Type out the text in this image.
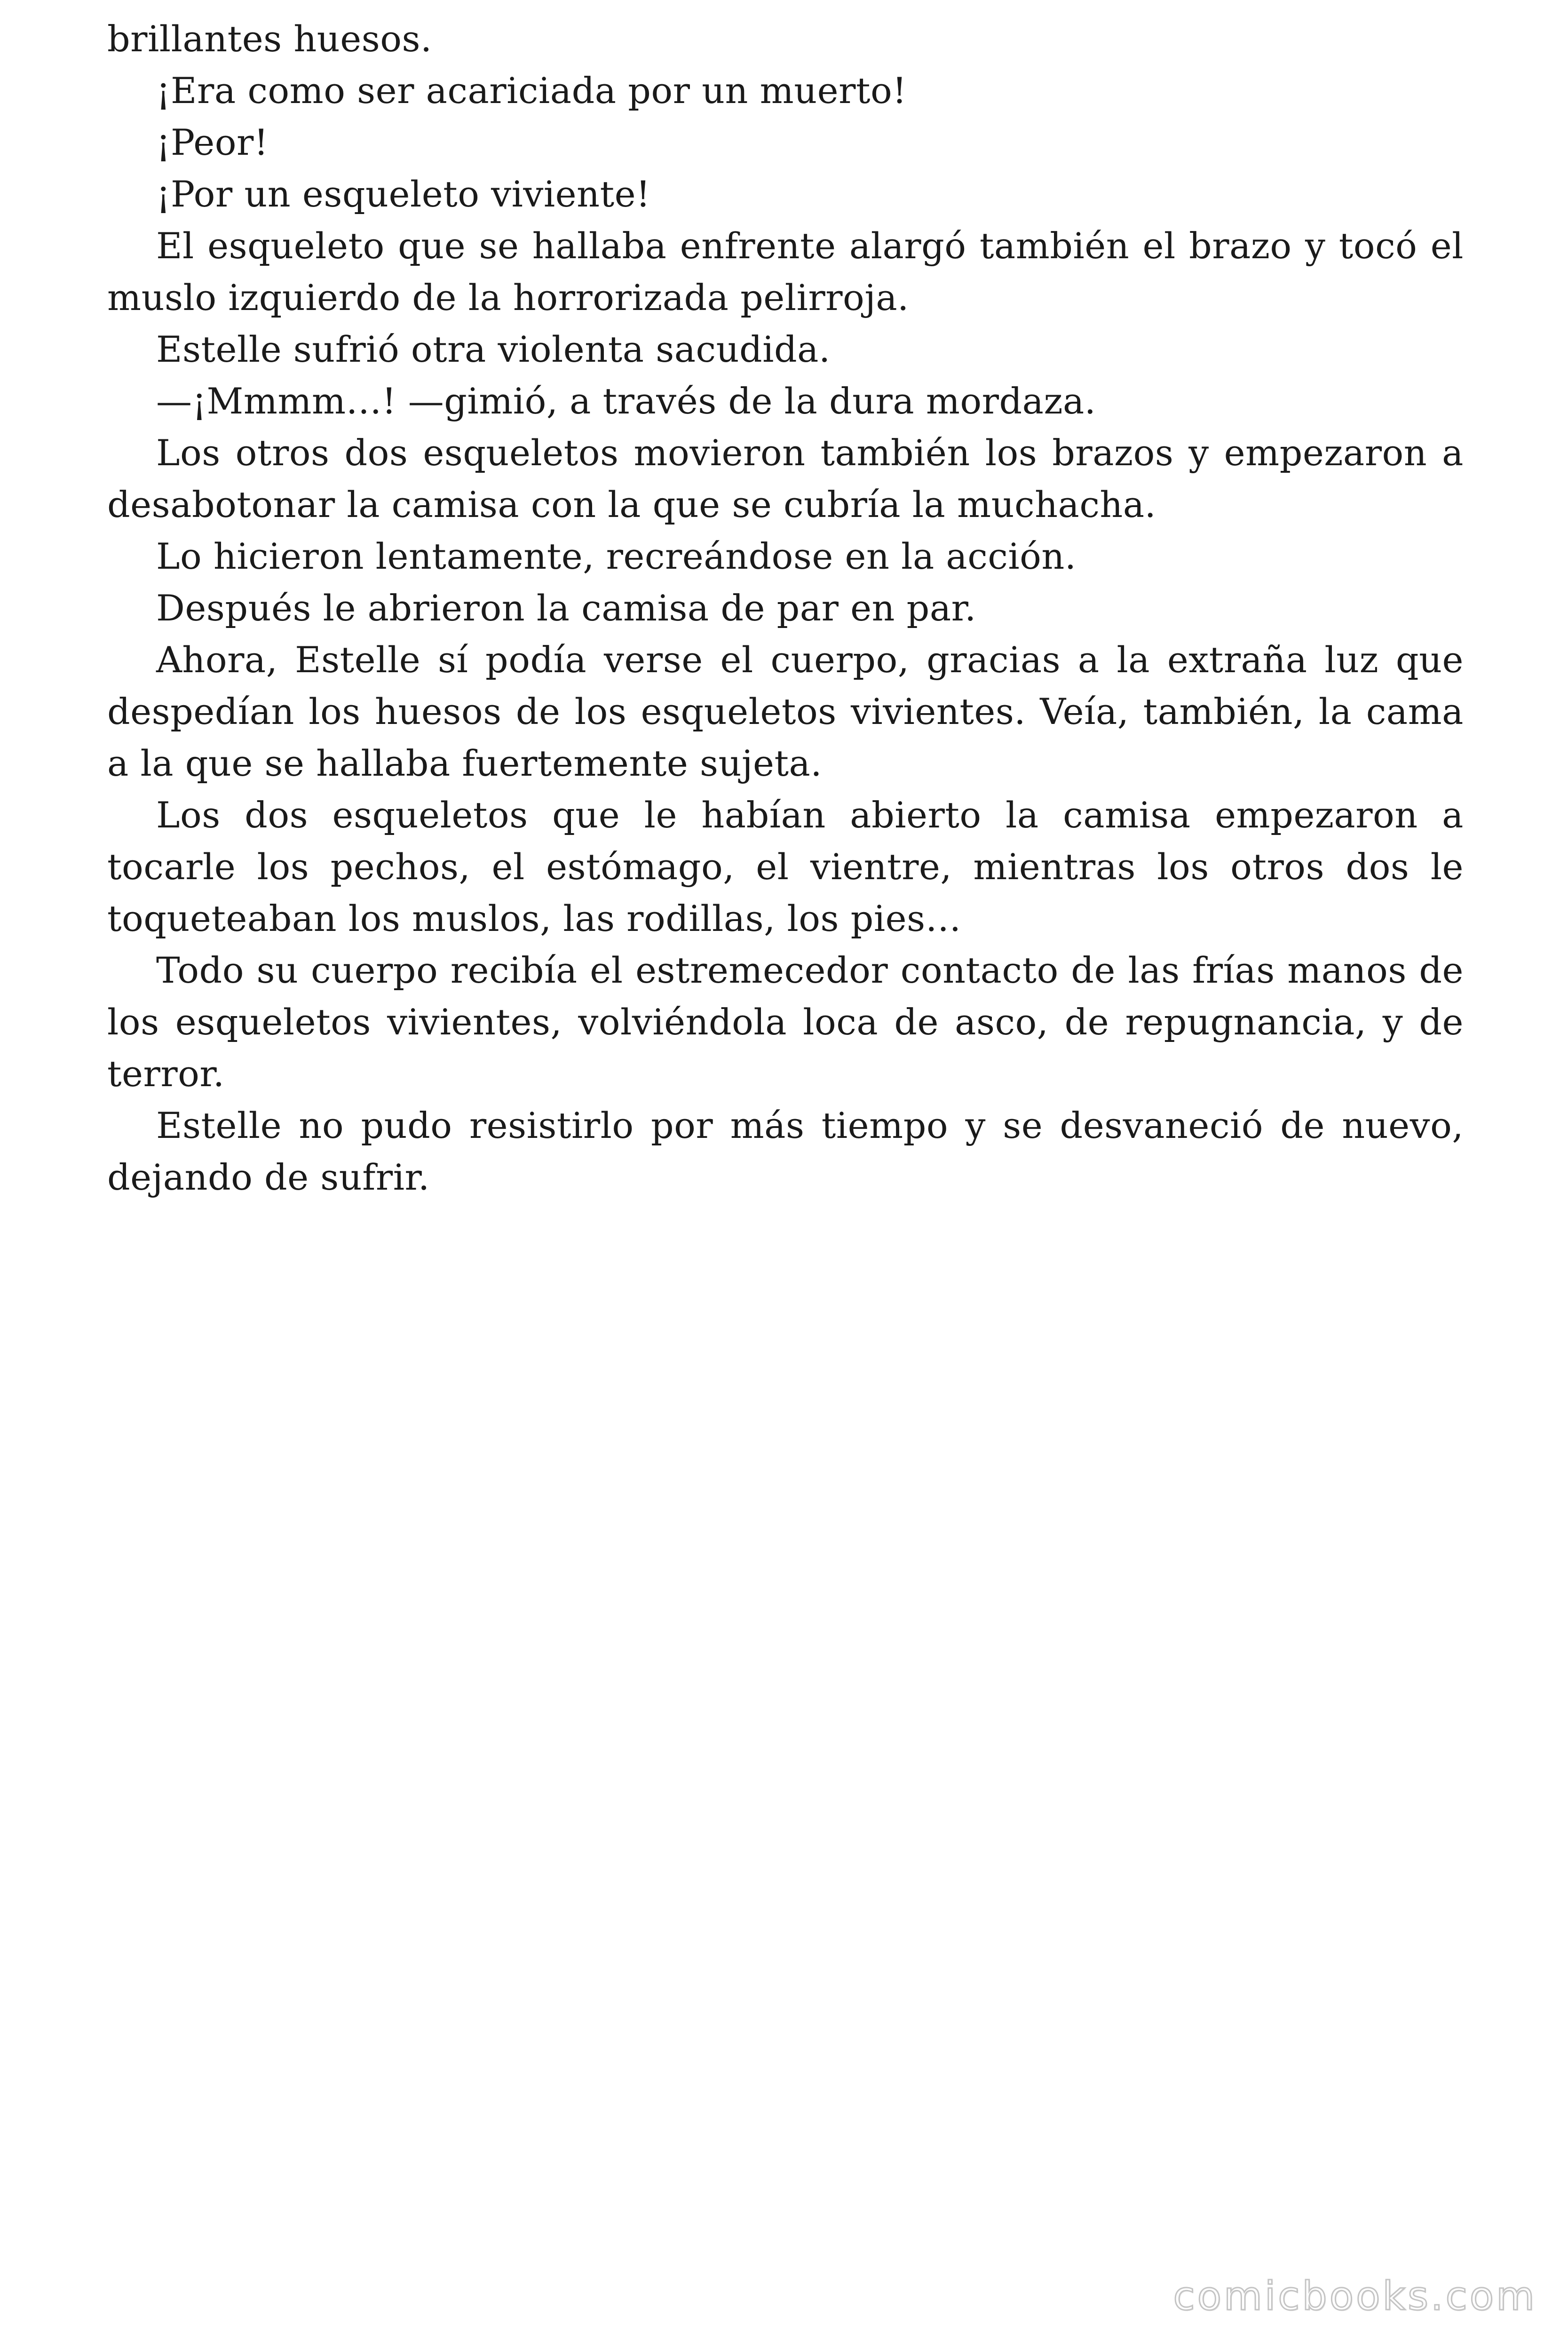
brillantes huesos.

¡Era como ser acariciada por un muerto!

¡Peor!

¡Por un esqueleto viviente!

El esqueleto que se hallaba enfrente alargó también el brazo y tocó el muslo izquierdo de la horrorizada pelirroja.

Estelle sufrió otra violenta sacudida.

—¡Mmmm…! —gimió, a través de la dura mordaza.

Los otros dos esqueletos movieron también los brazos y empezaron a desabotonar la camisa con la que se cubría la muchacha.

Lo hicieron lentamente, recreándose en la acción.

Después le abrieron la camisa de par en par.

Ahora, Estelle sí podía verse el cuerpo, gracias a la extraña luz que despedían los huesos de los esqueletos vivientes. Veía, también, la cama a la que se hallaba fuertemente sujeta.

Los dos esqueletos que le habían abierto la camisa empezaron a tocarle los pechos, el estómago, el vientre, mientras los otros dos le toqueteaban los muslos, las rodillas, los pies…

Todo su cuerpo recibía el estremecedor contacto de las frías manos de los esqueletos vivientes, volviéndola loca de asco, de repugnancia, y de terror.

Estelle no pudo resistirlo por más tiempo y se desvaneció de nuevo, dejando de sufrir.

comicbooks.com
